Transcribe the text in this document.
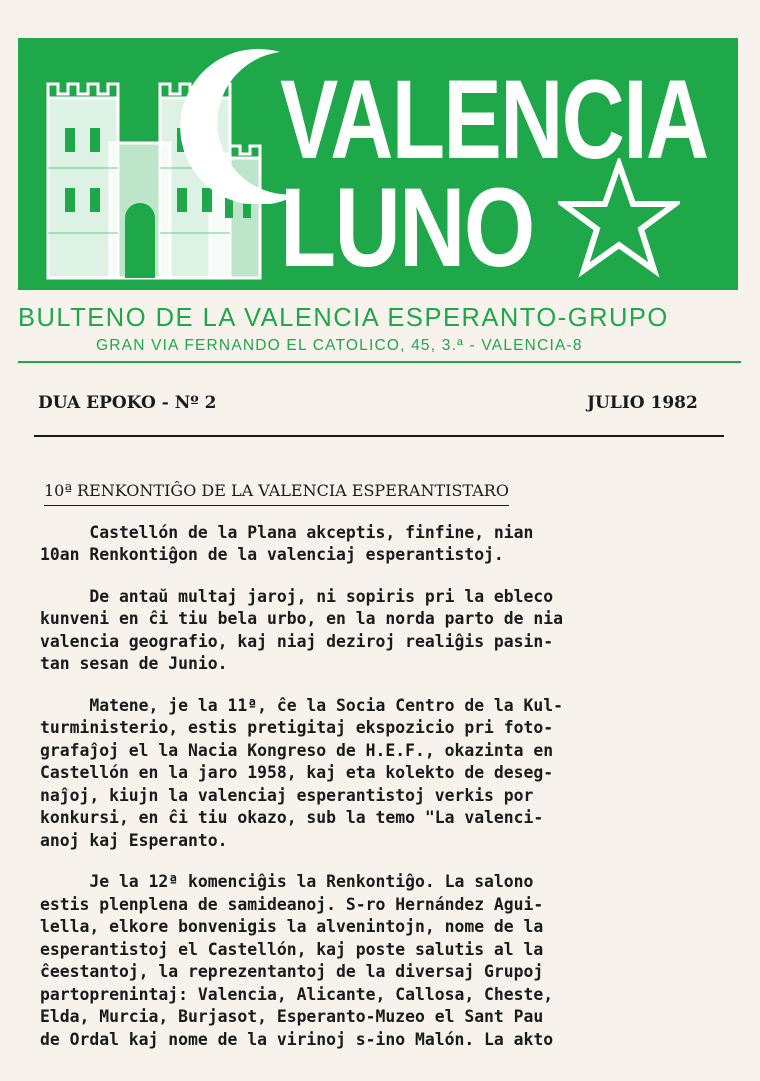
VALENCIA
LUNO
BULTENO DE LA VALENCIA ESPERANTO-GRUPO
GRAN VIA FERNANDO EL CATOLICO, 45, 3.ª - VALENCIA-8
DUA EPOKO - Nº 2	JULIO 1982
10ª RENKONTIĜO DE LA VALENCIA ESPERANTISTARO
Castellón de la Plana akceptis, finfine, nian
10an Renkontiĝon de la valenciaj esperantistoj.
De antaŭ multaj jaroj, ni sopiris pri la ebleco
kunveni en ĉi tiu bela urbo, en la norda parto de nia
valencia geografio, kaj niaj deziroj realiĝis pasin-
tan sesan de Junio.
Matene, je la 11ª, ĉe la Socia Centro de la Kul-
turministerio, estis pretigitaj ekspozicio pri foto-
grafaĵoj el la Nacia Kongreso de H.E.F., okazinta en
Castellón en la jaro 1958, kaj eta kolekto de deseg-
naĵoj, kiujn la valenciaj esperantistoj verkis por
konkursi, en ĉi tiu okazo, sub la temo "La valenci-
anoj kaj Esperanto.
Je la 12ª komenciĝis la Renkontiĝo. La salono
estis plenplena de samideanoj. S-ro Hernández Agui-
lella, elkore bonvenigis la alvenintojn, nome de la
esperantistoj el Castellón, kaj poste salutis al la
ĉeestantoj, la reprezentantoj de la diversaj Grupoj
partoprenintaj: Valencia, Alicante, Callosa, Cheste,
Elda, Murcia, Burjasot, Esperanto-Muzeo el Sant Pau
de Ordal kaj nome de la virinoj s-ino Malón. La akto
